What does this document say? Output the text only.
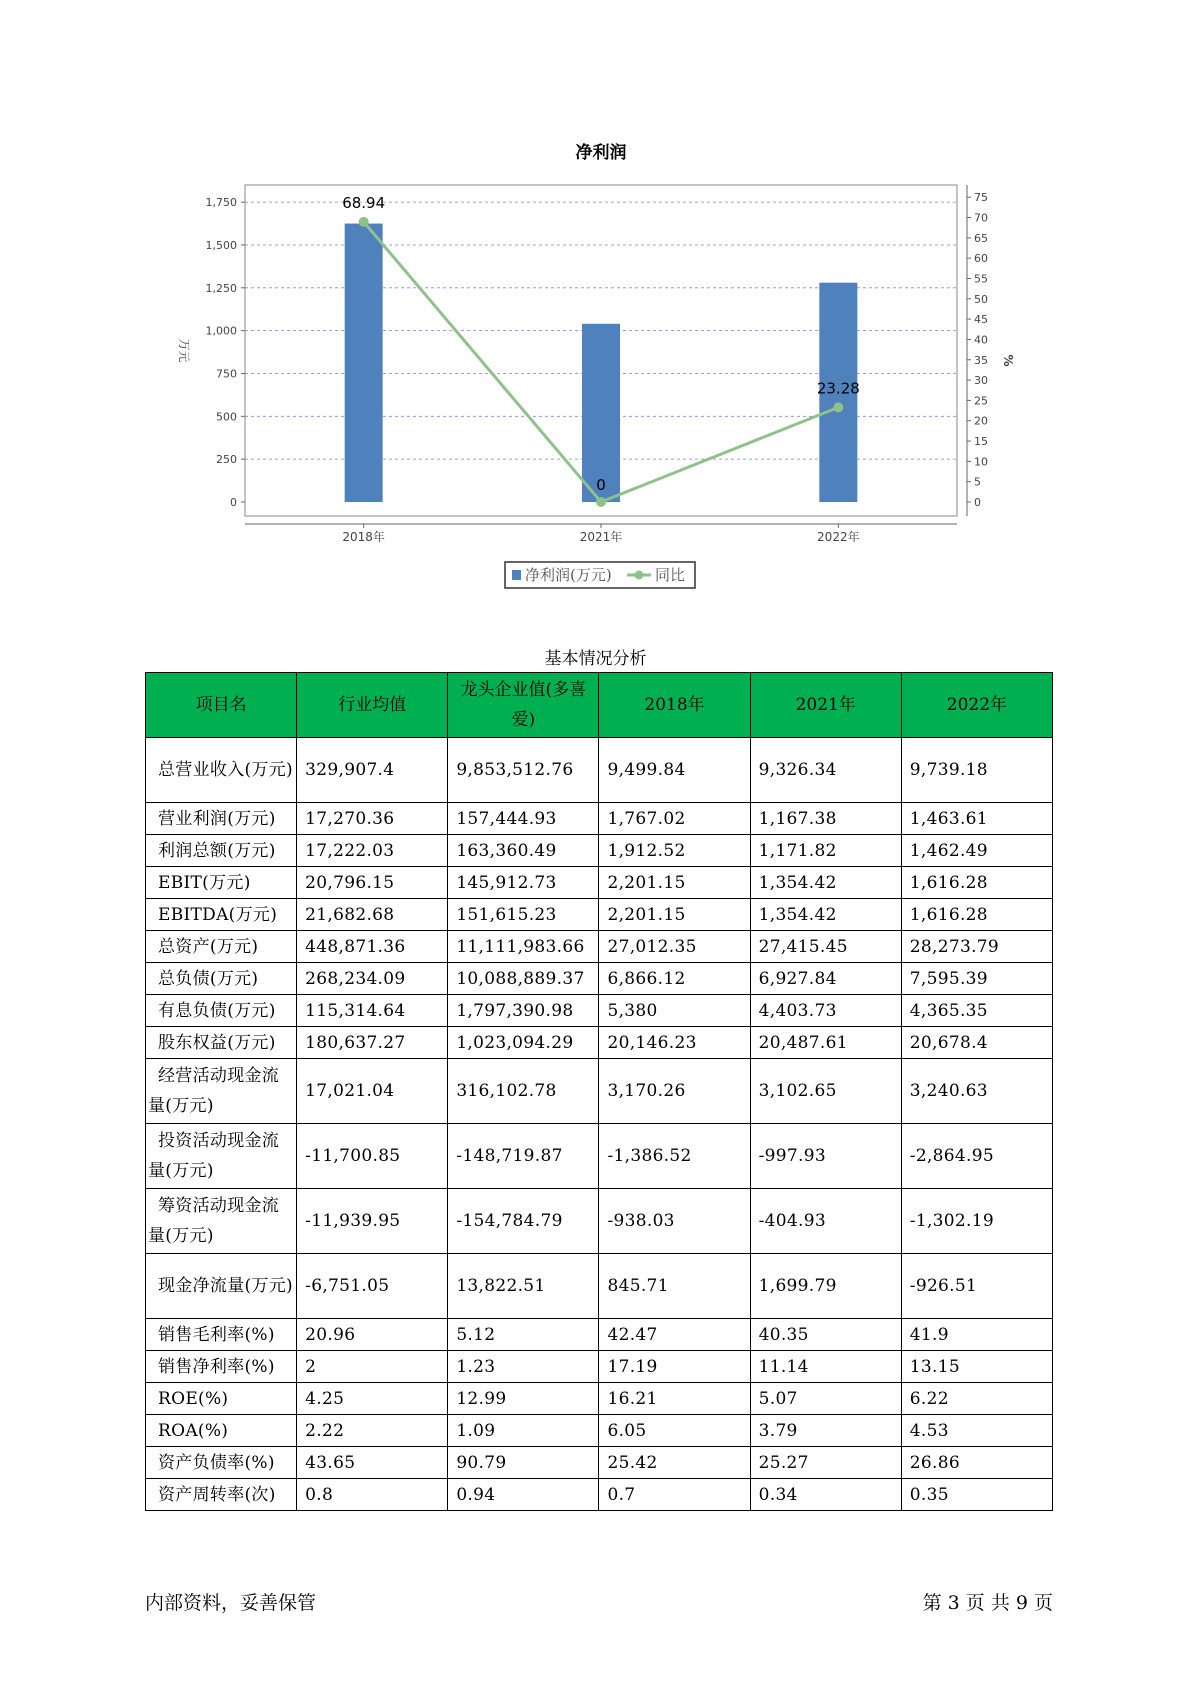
净利润
0
250
500
750
1,000
1,250
1,500
1,750
0
5
10
15
20
25
30
35
40
45
50
55
60
65
70
75
万元	%
2018年	2021年	2022年
68.94
0
23.28
净利润(万元)	同比
基本情况分析
项目名	行业均值	龙头企业值(多喜爱)	2018年	2021年	2022年
总营业收入(万元)	329,907.4	9,853,512.76	9,499.84	9,326.34	9,739.18
营业利润(万元)	17,270.36	157,444.93	1,767.02	1,167.38	1,463.61
利润总额(万元)	17,222.03	163,360.49	1,912.52	1,171.82	1,462.49
EBIT(万元)	20,796.15	145,912.73	2,201.15	1,354.42	1,616.28
EBITDA(万元)	21,682.68	151,615.23	2,201.15	1,354.42	1,616.28
总资产(万元)	448,871.36	11,111,983.66	27,012.35	27,415.45	28,273.79
总负债(万元)	268,234.09	10,088,889.37	6,866.12	6,927.84	7,595.39
有息负债(万元)	115,314.64	1,797,390.98	5,380	4,403.73	4,365.35
股东权益(万元)	180,637.27	1,023,094.29	20,146.23	20,487.61	20,678.4
经营活动现金流量(万元)	17,021.04	316,102.78	3,170.26	3,102.65	3,240.63
投资活动现金流量(万元)	-11,700.85	-148,719.87	-1,386.52	-997.93	-2,864.95
筹资活动现金流量(万元)	-11,939.95	-154,784.79	-938.03	-404.93	-1,302.19
现金净流量(万元)	-6,751.05	13,822.51	845.71	1,699.79	-926.51
销售毛利率(%)	20.96	5.12	42.47	40.35	41.9
销售净利率(%)	2	1.23	17.19	11.14	13.15
ROE(%)	4.25	12.99	16.21	5.07	6.22
ROA(%)	2.22	1.09	6.05	3.79	4.53
资产负债率(%)	43.65	90.79	25.42	25.27	26.86
资产周转率(次)	0.8	0.94	0.7	0.34	0.35
内部资料，妥善保管	第 3 页 共 9 页
